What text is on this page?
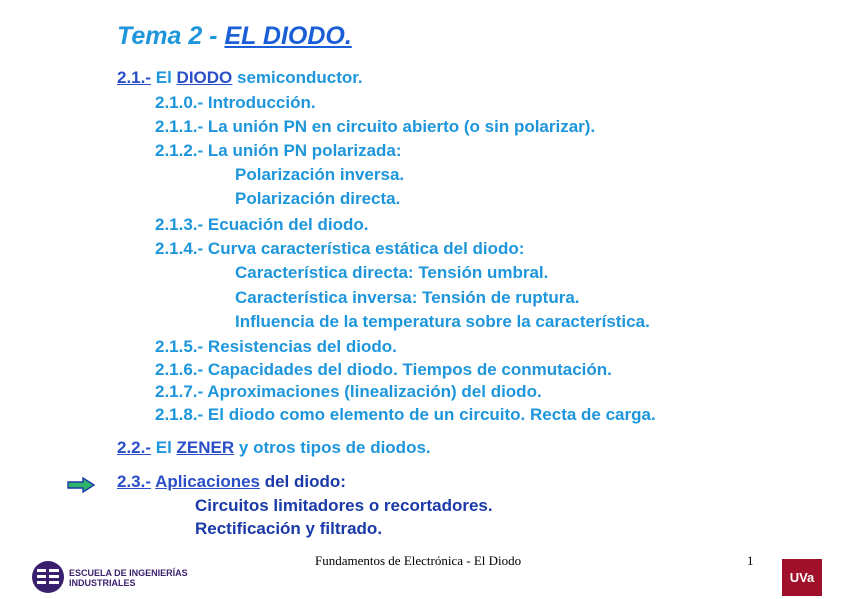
Tema 2 - EL DIODO.
2.1.- El DIODO semiconductor.
2.1.0.- Introducción.
2.1.1.- La unión PN en circuito abierto (o sin polarizar).
2.1.2.- La unión PN polarizada:
Polarización inversa.
Polarización directa.
2.1.3.- Ecuación del diodo.
2.1.4.- Curva característica estática del diodo:
Característica directa: Tensión umbral.
Característica inversa: Tensión de ruptura.
Influencia de la temperatura sobre la característica.
2.1.5.- Resistencias del diodo.
2.1.6.- Capacidades del diodo. Tiempos de conmutación.
2.1.7.- Aproximaciones (linealización) del diodo.
2.1.8.- El diodo como elemento de un circuito. Recta de carga.
2.2.- El ZENER y otros tipos de diodos.
2.3.- Aplicaciones del diodo:
Circuitos limitadores o recortadores.
Rectificación y filtrado.
ESCUELA DE INGENIERÍAS
INDUSTRIALES
Fundamentos de Electrónica - El Diodo	1
UVa
